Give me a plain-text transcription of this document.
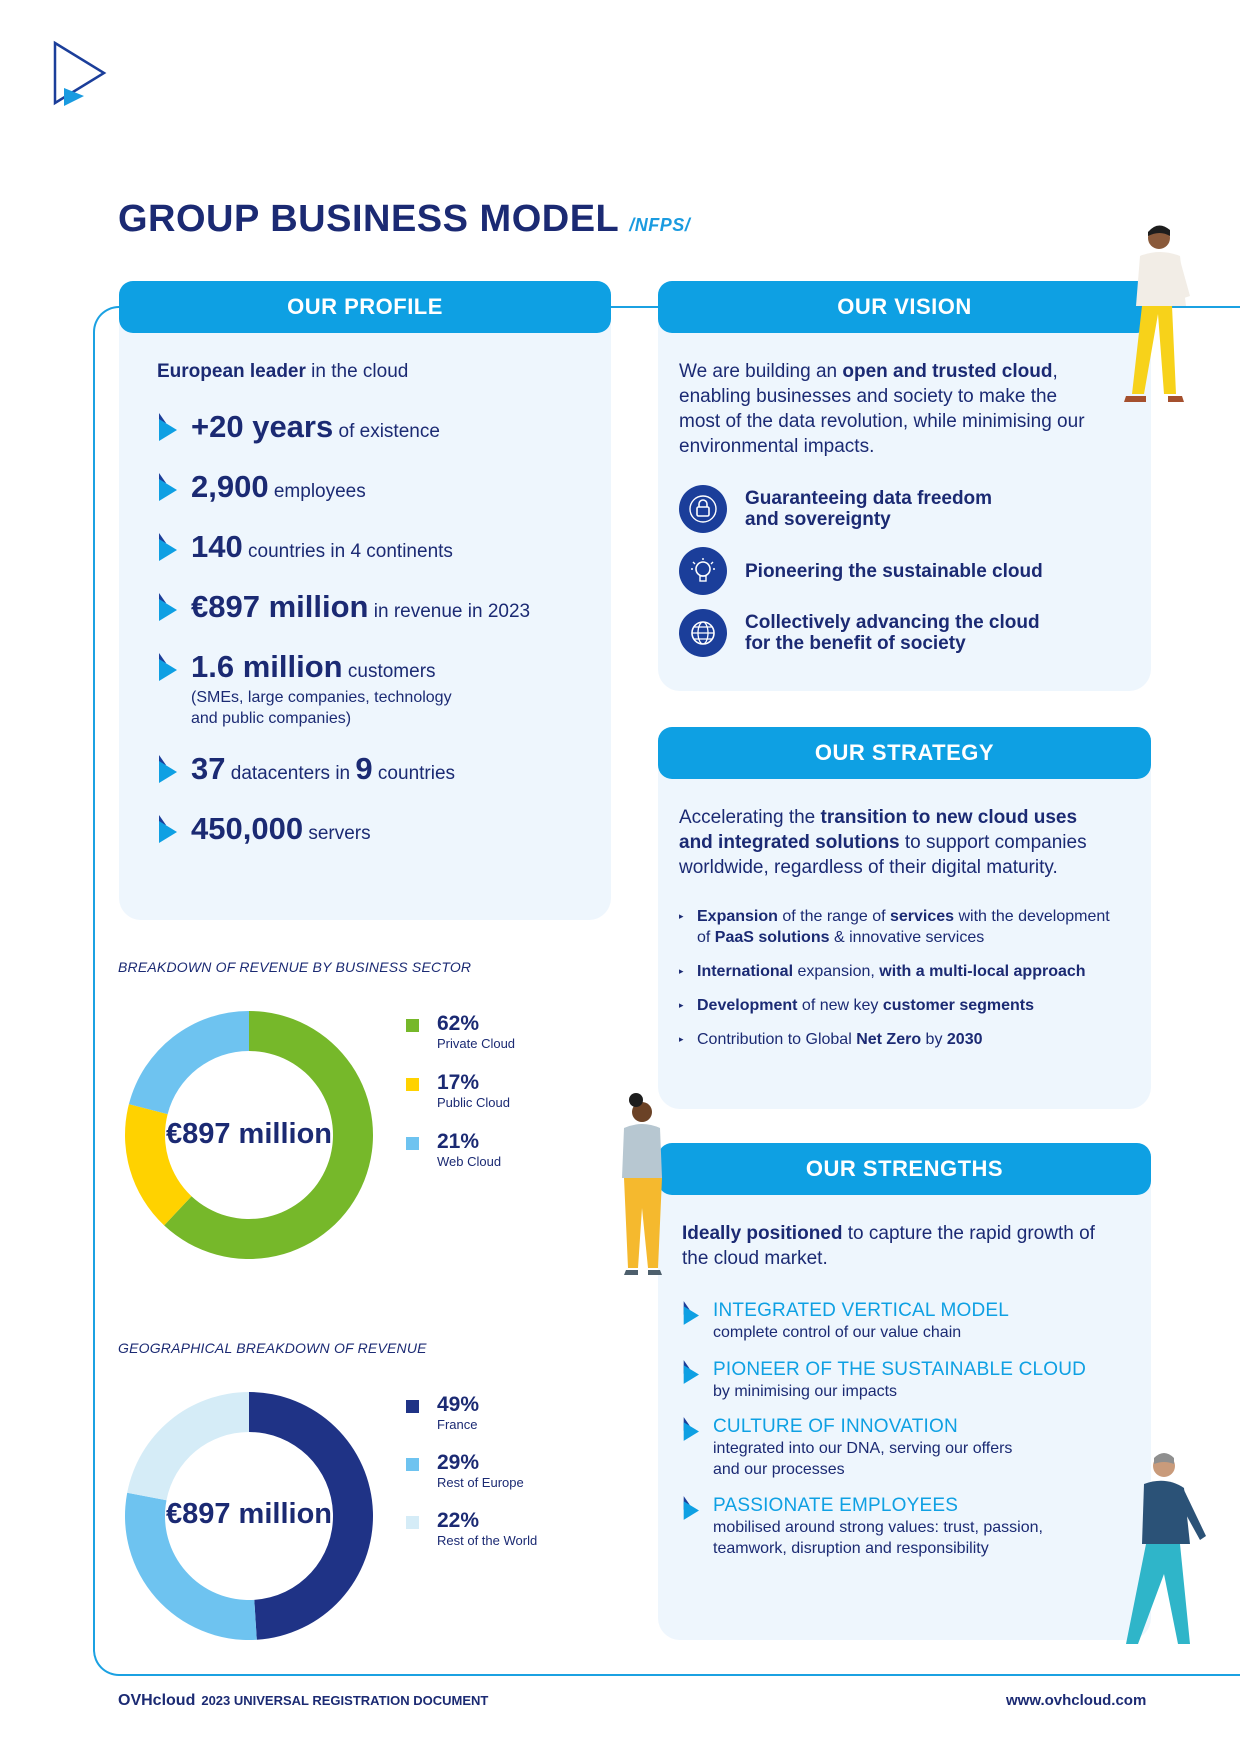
GROUP BUSINESS MODEL /NFPS/
OUR PROFILE
European leader in the cloud
+20 years of existence
2,900 employees
140 countries in 4 continents
€897 million in revenue in 2023
1.6 million customers
(SMEs, large companies, technology and public companies)
37 datacenters in 9 countries
450,000 servers
OUR VISION
We are building an open and trusted cloud, enabling businesses and society to make the most of the data revolution, while minimising our environmental impacts.
Guaranteeing data freedom and sovereignty
Pioneering the sustainable cloud
Collectively advancing the cloud for the benefit of society
OUR STRATEGY
Accelerating the transition to new cloud uses and integrated solutions to support companies worldwide, regardless of their digital maturity.
▸ Expansion of the range of services with the development of PaaS solutions & innovative services
▸ International expansion, with a multi-local approach
▸ Development of new key customer segments
▸ Contribution to Global Net Zero by 2030
OUR STRENGTHS
Ideally positioned to capture the rapid growth of the cloud market.
INTEGRATED VERTICAL MODEL
complete control of our value chain
PIONEER OF THE SUSTAINABLE CLOUD
by minimising our impacts
CULTURE OF INNOVATION
integrated into our DNA, serving our offers and our processes
PASSIONATE EMPLOYEES
mobilised around strong values: trust, passion, teamwork, disruption and responsibility
BREAKDOWN OF REVENUE BY BUSINESS SECTOR
€897 million
62%
Private Cloud
17%
Public Cloud
21%
Web Cloud
GEOGRAPHICAL BREAKDOWN OF REVENUE
€897 million
49%
France
29%
Rest of Europe
22%
Rest of the World
OVHcloud 2023 UNIVERSAL REGISTRATION DOCUMENT	www.ovhcloud.com
